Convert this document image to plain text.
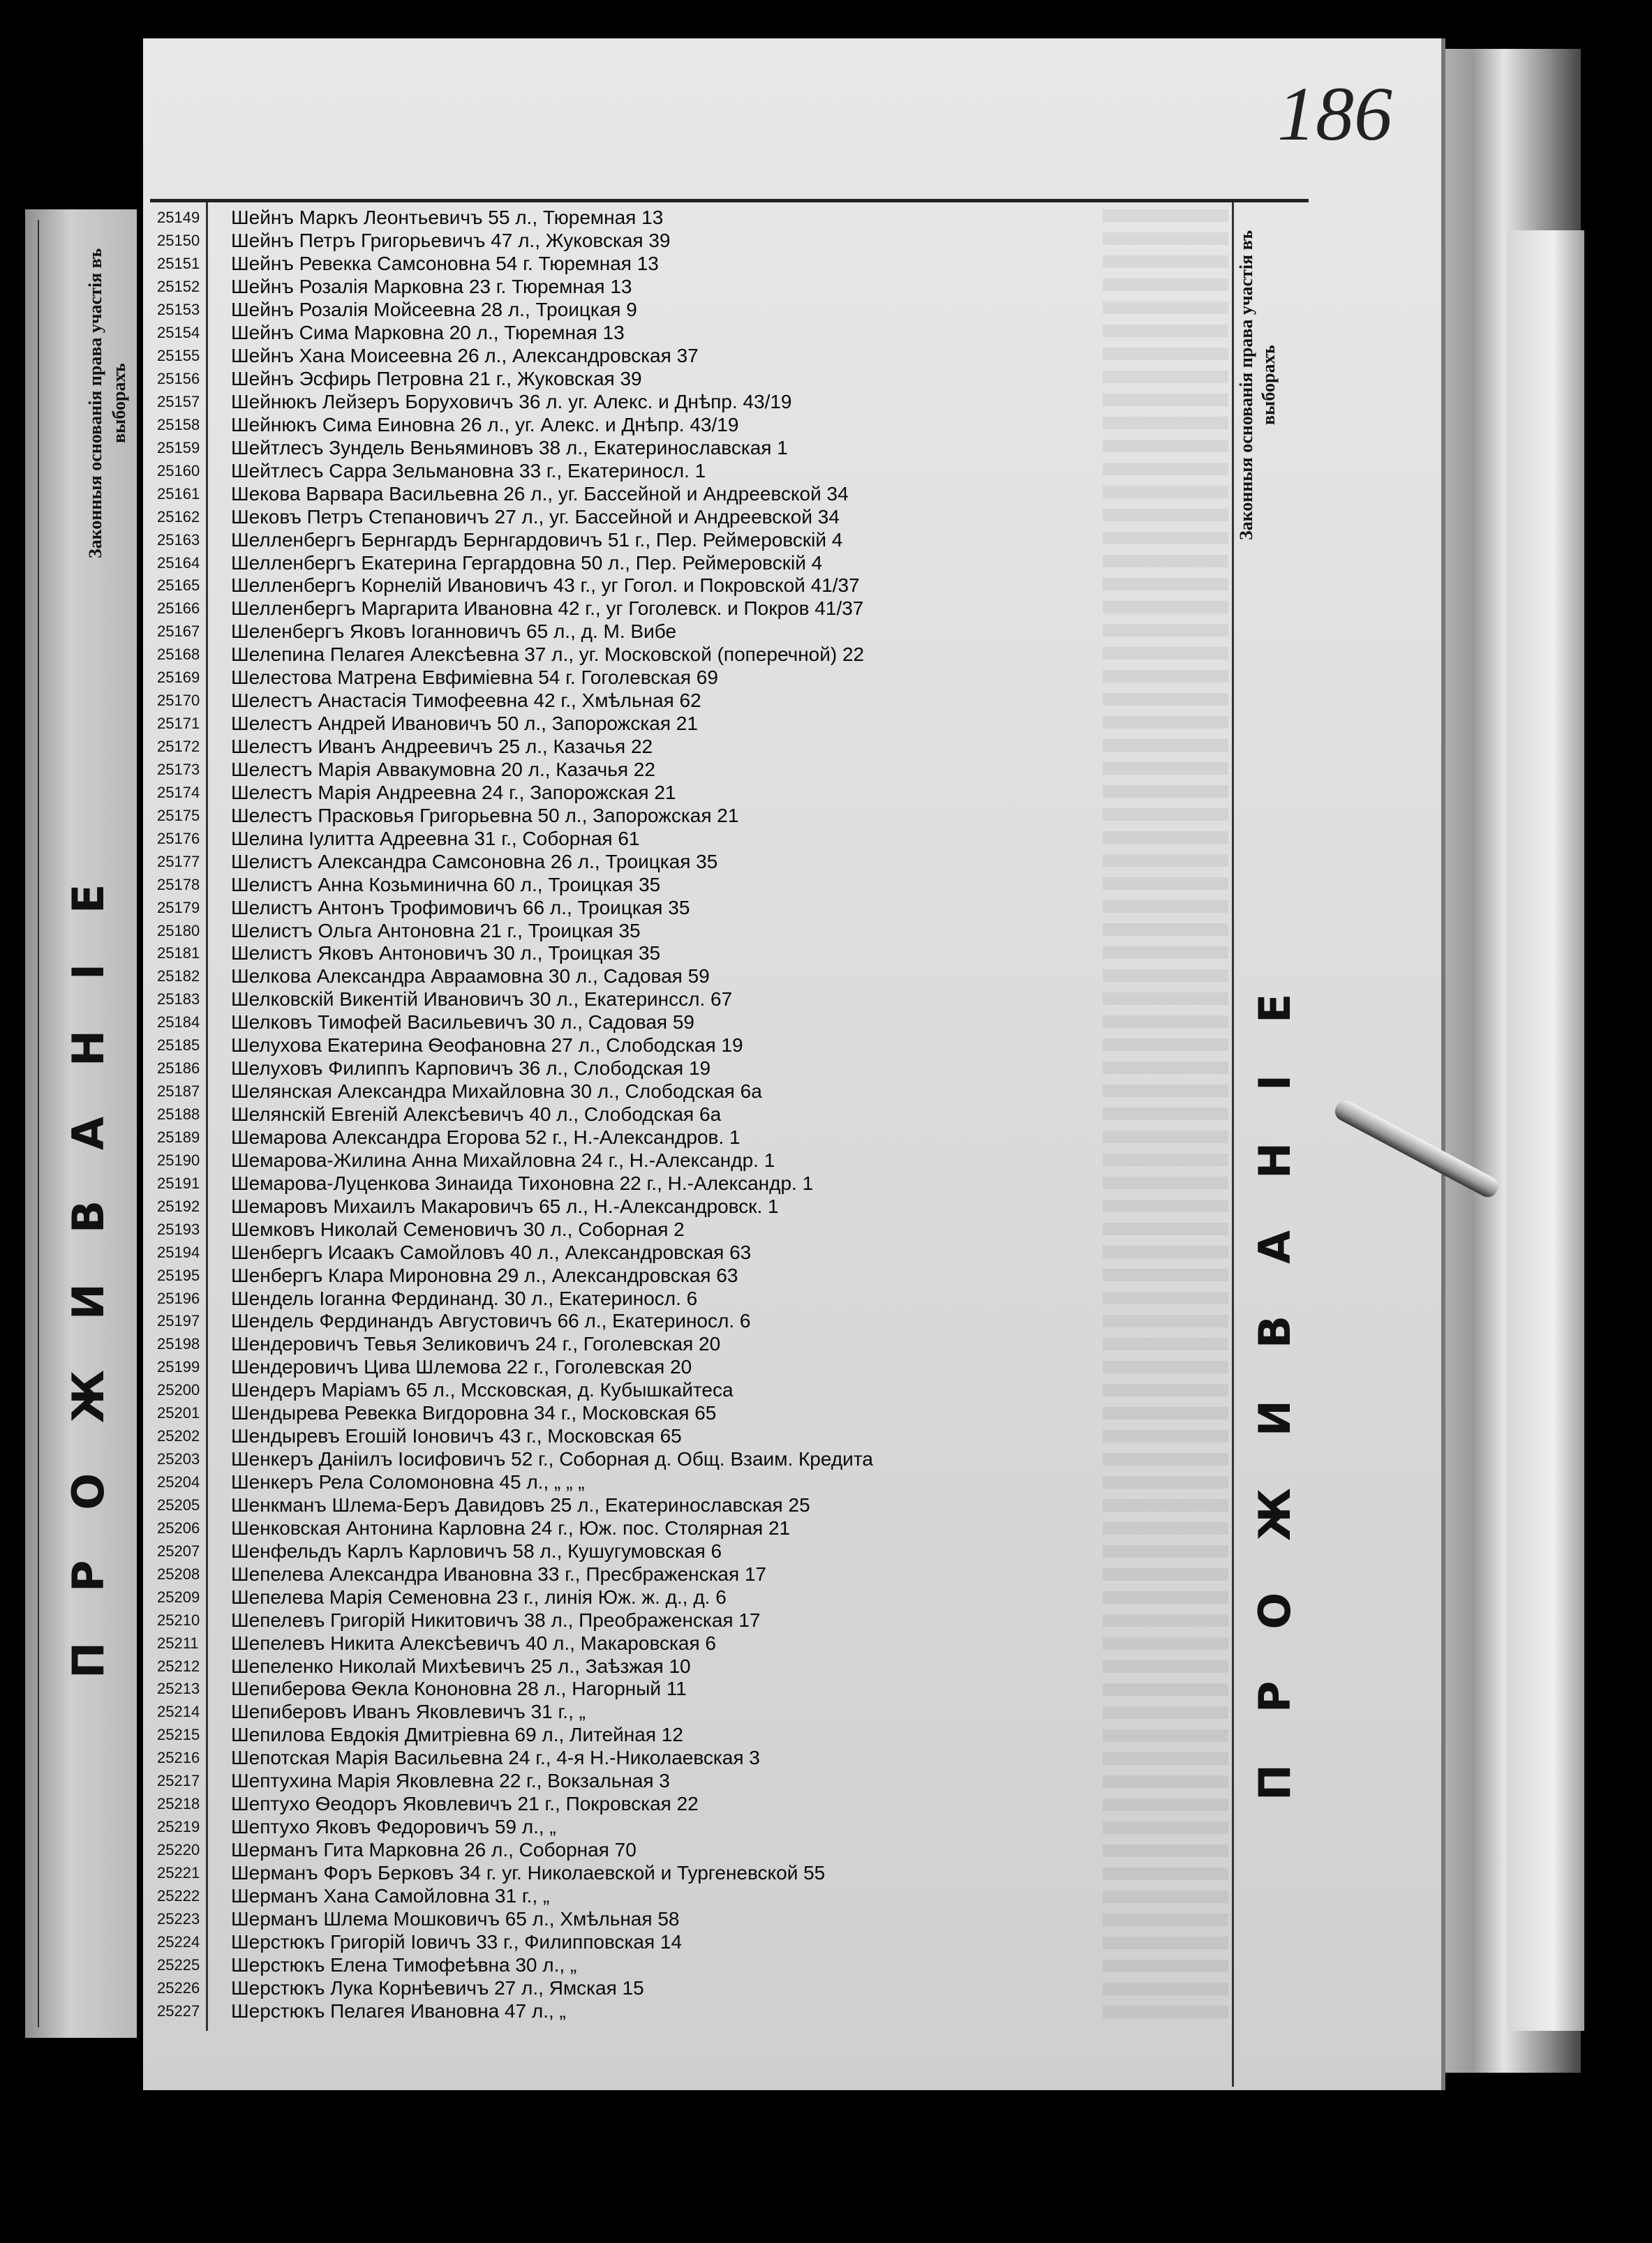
Законныя основанія права участія въ выборахъ
ПРОЖИВАНІЕ
186
Законныя основанія права участія въ выборахъ
ПРОЖИВАНІЕ
25149	Шейнъ Маркъ Леонтьевичъ 55 л., Тюремная 13
25150	Шейнъ Петръ Григорьевичъ 47 л., Жуковская 39
25151	Шейнъ Ревекка Самсоновна 54 г. Тюремная 13
25152	Шейнъ Розалія Марковна 23 г. Тюремная 13
25153	Шейнъ Розалія Мойсеевна 28 л., Троицкая 9
25154	Шейнъ Сима Марковна 20 л., Тюремная 13
25155	Шейнъ Хана Моисеевна 26 л., Александровская 37
25156	Шейнъ Эсфирь Петровна 21 г., Жуковская 39
25157	Шейнюкъ Лейзеръ Боруховичъ 36 л. уг. Алекс. и Днѣпр. 43/19
25158	Шейнюкъ Сима Еиновна 26 л., уг. Алекс. и Днѣпр. 43/19
25159	Шейтлесъ Зундель Веньяминовъ 38 л., Екатеринославская 1
25160	Шейтлесъ Сарра Зельмановна 33 г., Екатериносл. 1
25161	Шекова Варвара Васильевна 26 л., уг. Бассейной и Андреевской 34
25162	Шековъ Петръ Степановичъ 27 л., уг. Бассейной и Андреевской 34
25163	Шелленбергъ Бернгардъ Бернгардовичъ 51 г., Пер. Реймеровскій 4
25164	Шелленбергъ Екатерина Гергардовна 50 л., Пер. Реймеровскій 4
25165	Шелленбергъ Корнелій Ивановичъ 43 г., уг Гогол. и Покровской 41/37
25166	Шелленбергъ Маргарита Ивановна 42 г., уг Гоголевск. и Покров 41/37
25167	Шеленбергъ Яковъ Іоганновичъ 65 л., д. М. Вибе
25168	Шелепина Пелагея Алексѣевна 37 л., уг. Московской (поперечной) 22
25169	Шелестова Матрена Евфиміевна 54 г. Гоголевская 69
25170	Шелестъ Анастасія Тимофеевна 42 г., Хмѣльная 62
25171	Шелестъ Андрей Ивановичъ 50 л., Запорожская 21
25172	Шелестъ Иванъ Андреевичъ 25 л., Казачья 22
25173	Шелестъ Марія Аввакумовна 20 л., Казачья 22
25174	Шелестъ Марія Андреевна 24 г., Запорожская 21
25175	Шелестъ Прасковья Григорьевна 50 л., Запорожская 21
25176	Шелина Іулитта Адреевна 31 г., Соборная 61
25177	Шелистъ Александра Самсоновна 26 л., Троицкая 35
25178	Шелистъ Анна Козьминична 60 л., Троицкая 35
25179	Шелистъ Антонъ Трофимовичъ 66 л., Троицкая 35
25180	Шелистъ Ольга Антоновна 21 г., Троицкая 35
25181	Шелистъ Яковъ Антоновичъ 30 л., Троицкая 35
25182	Шелкова Александра Авраамовна 30 л., Садовая 59
25183	Шелковскій Викентій Ивановичъ 30 л., Екатеринссл. 67
25184	Шелковъ Тимофей Васильевичъ 30 л., Садовая 59
25185	Шелухова Екатерина Ѳеофановна 27 л., Слободская 19
25186	Шелуховъ Филиппъ Карповичъ 36 л., Слободская 19
25187	Шелянская Александра Михайловна 30 л., Слободская 6а
25188	Шелянскій Евгеній Алексѣевичъ 40 л., Слободская 6а
25189	Шемарова Александра Егорова 52 г., Н.-Александров. 1
25190	Шемарова-Жилина Анна Михайловна 24 г., Н.-Александр. 1
25191	Шемарова-Луценкова Зинаида Тихоновна 22 г., Н.-Александр. 1
25192	Шемаровъ Михаилъ Макаровичъ 65 л., Н.-Александровск. 1
25193	Шемковъ Николай Семеновичъ 30 л., Соборная 2
25194	Шенбергъ Исаакъ Самойловъ 40 л., Александровская 63
25195	Шенбергъ Клара Мироновна 29 л., Александровская 63
25196	Шендель Іоганна Фердинанд. 30 л., Екатериносл. 6
25197	Шендель Фердинандъ Августовичъ 66 л., Екатериносл. 6
25198	Шендеровичъ Тевья Зеликовичъ 24 г., Гоголевская 20
25199	Шендеровичъ Цива Шлемова 22 г., Гоголевская 20
25200	Шендеръ Маріамъ 65 л., Мссковская, д. Кубышкайтеса
25201	Шендырева Ревекка Вигдоровна 34 г., Московская 65
25202	Шендыревъ Егошій Іоновичъ 43 г., Московская 65
25203	Шенкеръ Даніилъ Іосифовичъ 52 г., Соборная д. Общ. Взаим. Кредита
25204	Шенкеръ Рела Соломоновна 45 л., „ „ „
25205	Шенкманъ Шлема-Беръ Давидовъ 25 л., Екатеринославская 25
25206	Шенковская Антонина Карловна 24 г., Юж. пос. Столярная 21
25207	Шенфельдъ Карлъ Карловичъ 58 л., Кушугумовская 6
25208	Шепелева Александра Ивановна 33 г., Пресбраженская 17
25209	Шепелева Марія Семеновна 23 г., линія Юж. ж. д., д. 6
25210	Шепелевъ Григорій Никитовичъ 38 л., Преображенская 17
25211	Шепелевъ Никита Алексѣевичъ 40 л., Макаровская 6
25212	Шепеленко Николай Михѣевичъ 25 л., Заѣзжая 10
25213	Шепиберова Ѳекла Кононовна 28 л., Нагорный 11
25214	Шепиберовъ Иванъ Яковлевичъ 31 г., „
25215	Шепилова Евдокія Дмитріевна 69 л., Литейная 12
25216	Шепотская Марія Васильевна 24 г., 4-я Н.-Николаевская 3
25217	Шептухина Марія Яковлевна 22 г., Вокзальная 3
25218	Шептухо Ѳеодоръ Яковлевичъ 21 г., Покровская 22
25219	Шептухо Яковъ Федоровичъ 59 л., „
25220	Шерманъ Гита Марковна 26 л., Соборная 70
25221	Шерманъ Форъ Берковъ 34 г. уг. Николаевской и Тургеневской 55
25222	Шерманъ Хана Самойловна 31 г., „
25223	Шерманъ Шлема Мошковичъ 65 л., Хмѣльная 58
25224	Шерстюкъ Григорій Іовичъ 33 г., Филипповская 14
25225	Шерстюкъ Елена Тимофеѣвна 30 л., „
25226	Шерстюкъ Лука Корнѣевичъ 27 л., Ямская 15
25227	Шерстюкъ Пелагея Ивановна 47 л., „
